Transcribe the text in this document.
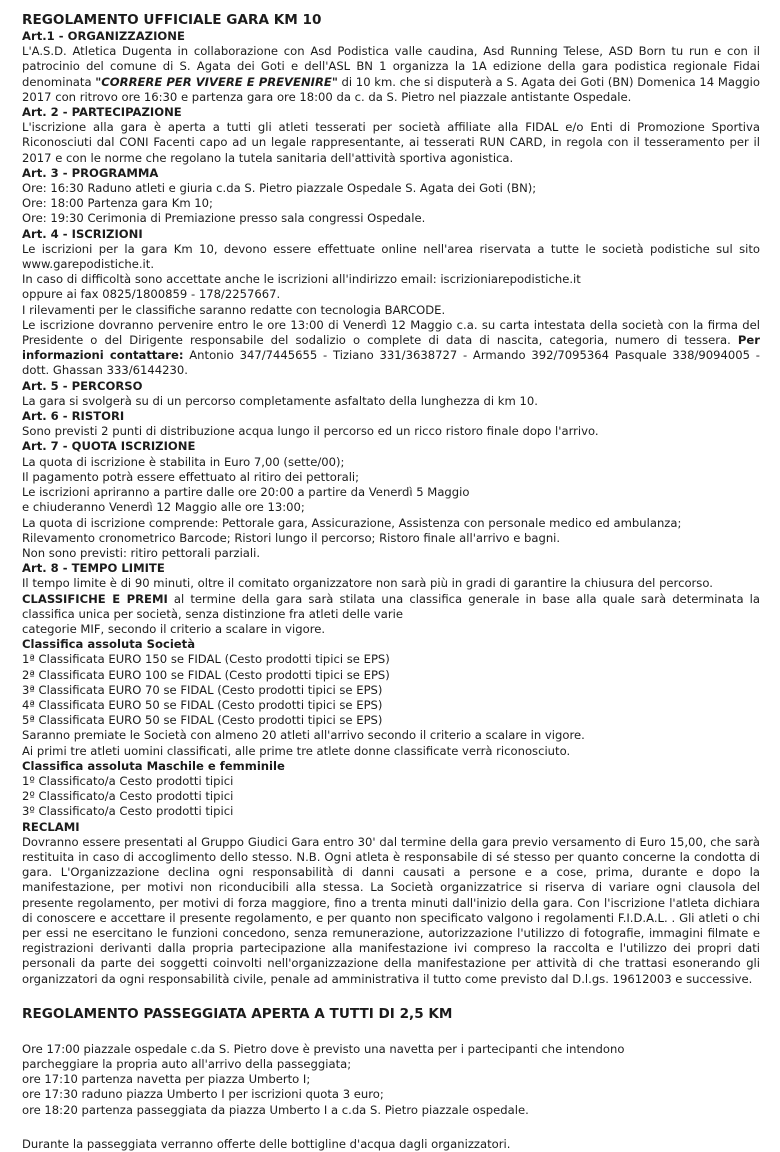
REGOLAMENTO UFFICIALE GARA KM 10

Art.1 - ORGANIZZAZIONE

L'A.S.D. Atletica Dugenta in collaborazione con Asd Podistica valle caudina, Asd Running Telese, ASD Born tu run e con il patrocinio del comune di S. Agata dei Goti e dell'ASL BN 1 organizza la 1A edizione della gara podistica regionale Fidai denominata "CORRERE PER VIVERE E PREVENIRE" di 10 km. che si disputerà a S. Agata dei Goti (BN) Domenica 14 Maggio 2017 con ritrovo ore 16:30 e partenza gara ore 18:00 da c. da S. Pietro nel piazzale antistante Ospedale.

Art. 2 - PARTECIPAZIONE

L'iscrizione alla gara è aperta a tutti gli atleti tesserati per società affiliate alla FIDAL e/o Enti di Promozione Sportiva Riconosciuti dal CONI Facenti capo ad un legale rappresentante, ai tesserati RUN CARD, in regola con il tesseramento per il 2017 e con le norme che regolano la tutela sanitaria dell'attività sportiva agonistica.

Art. 3 - PROGRAMMA

Ore: 16:30 Raduno atleti e giuria c.da S. Pietro piazzale Ospedale S. Agata dei Goti (BN);

Ore: 18:00 Partenza gara Km 10;

Ore: 19:30 Cerimonia di Premiazione presso sala congressi Ospedale.

Art. 4 - ISCRIZIONI

Le iscrizioni per la gara Km 10, devono essere effettuate online nell'area riservata a tutte le società podistiche sul sito www.garepodistiche.it.

In caso di difficoltà sono accettate anche le iscrizioni all'indirizzo email: iscrizioniarepodistiche.it

oppure ai fax 0825/1800859 - 178/2257667.

I rilevamenti per le classifiche saranno redatte con tecnologia BARCODE.

Le iscrizione dovranno pervenire entro le ore 13:00 di Venerdì 12 Maggio c.a. su carta intestata della società con la firma del Presidente o del Dirigente responsabile del sodalizio o complete di data di nascita, categoria, numero di tessera. Per informazioni contattare: Antonio 347/7445655 - Tiziano 331/3638727 - Armando 392/7095364 Pasquale 338/9094005 - dott. Ghassan 333/6144230.

Art. 5 - PERCORSO

La gara si svolgerà su di un percorso completamente asfaltato della lunghezza di km 10.

Art. 6 - RISTORI

Sono previsti 2 punti di distribuzione acqua lungo il percorso ed un ricco ristoro finale dopo l'arrivo.

Art. 7 - QUOTA ISCRIZIONE

La quota di iscrizione è stabilita in Euro 7,00 (sette/00);

Il pagamento potrà essere effettuato al ritiro dei pettorali;

Le iscrizioni apriranno a partire dalle ore 20:00 a partire da Venerdì 5 Maggio

e chiuderanno Venerdì 12 Maggio alle ore 13:00;

La quota di iscrizione comprende: Pettorale gara, Assicurazione, Assistenza con personale medico ed ambulanza;

Rilevamento cronometrico Barcode; Ristori lungo il percorso; Ristoro finale all'arrivo e bagni.

Non sono previsti: ritiro pettorali parziali.

Art. 8 - TEMPO LIMITE

Il tempo limite è di 90 minuti, oltre il comitato organizzatore non sarà più in gradi di garantire la chiusura del percorso.

CLASSIFICHE E PREMI al termine della gara sarà stilata una classifica generale in base alla quale sarà determinata la classifica unica per società, senza distinzione fra atleti delle varie

categorie MIF, secondo il criterio a scalare in vigore.

Classifica assoluta Società

1ª Classificata EURO 150 se FIDAL (Cesto prodotti tipici se EPS)

2ª Classificata EURO 100 se FIDAL (Cesto prodotti tipici se EPS)

3ª Classificata EURO 70 se FIDAL (Cesto prodotti tipici se EPS)

4ª Classificata EURO 50 se FIDAL (Cesto prodotti tipici se EPS)

5ª Classificata EURO 50 se FIDAL (Cesto prodotti tipici se EPS)

Saranno premiate le Società con almeno 20 atleti all'arrivo secondo il criterio a scalare in vigore.

Ai primi tre atleti uomini classificati, alle prime tre atlete donne classificate verrà riconosciuto.

Classifica assoluta Maschile e femminile

1º Classificato/a Cesto prodotti tipici

2º Classificato/a Cesto prodotti tipici

3º Classificato/a Cesto prodotti tipici

RECLAMI

Dovranno essere presentati al Gruppo Giudici Gara entro 30' dal termine della gara previo versamento di Euro 15,00, che sarà restituita in caso di accoglimento dello stesso. N.B. Ogni atleta è responsabile di sé stesso per quanto concerne la condotta di gara. L'Organizzazione declina ogni responsabilità di danni causati a persone e a cose, prima, durante e dopo la manifestazione, per motivi non riconducibili alla stessa. La Società organizzatrice si riserva di variare ogni clausola del presente regolamento, per motivi di forza maggiore, fino a trenta minuti dall'inizio della gara. Con l'iscrizione l'atleta dichiara di conoscere e accettare il presente regolamento, e per quanto non specificato valgono i regolamenti F.I.D.A.L. . Gli atleti o chi per essi ne esercitano le funzioni concedono, senza remunerazione, autorizzazione l'utilizzo di fotografie, immagini filmate e registrazioni derivanti dalla propria partecipazione alla manifestazione ivi compreso la raccolta e l'utilizzo dei propri dati personali da parte dei soggetti coinvolti nell'organizzazione della manifestazione per attività di che trattasi esonerando gli organizzatori da ogni responsabilità civile, penale ad amministrativa il tutto come previsto dal D.l.gs. 19612003 e successive.

REGOLAMENTO PASSEGGIATA APERTA A TUTTI DI 2,5 KM

Ore 17:00 piazzale ospedale c.da S. Pietro dove è previsto una navetta per i partecipanti che intendono

parcheggiare la propria auto all'arrivo della passeggiata;

ore 17:10 partenza navetta per piazza Umberto I;

ore 17:30 raduno piazza Umberto I per iscrizioni quota 3 euro;

ore 18:20 partenza passeggiata da piazza Umberto I a c.da S. Pietro piazzale ospedale.

Durante la passeggiata verranno offerte delle bottigline d'acqua dagli organizzatori.
